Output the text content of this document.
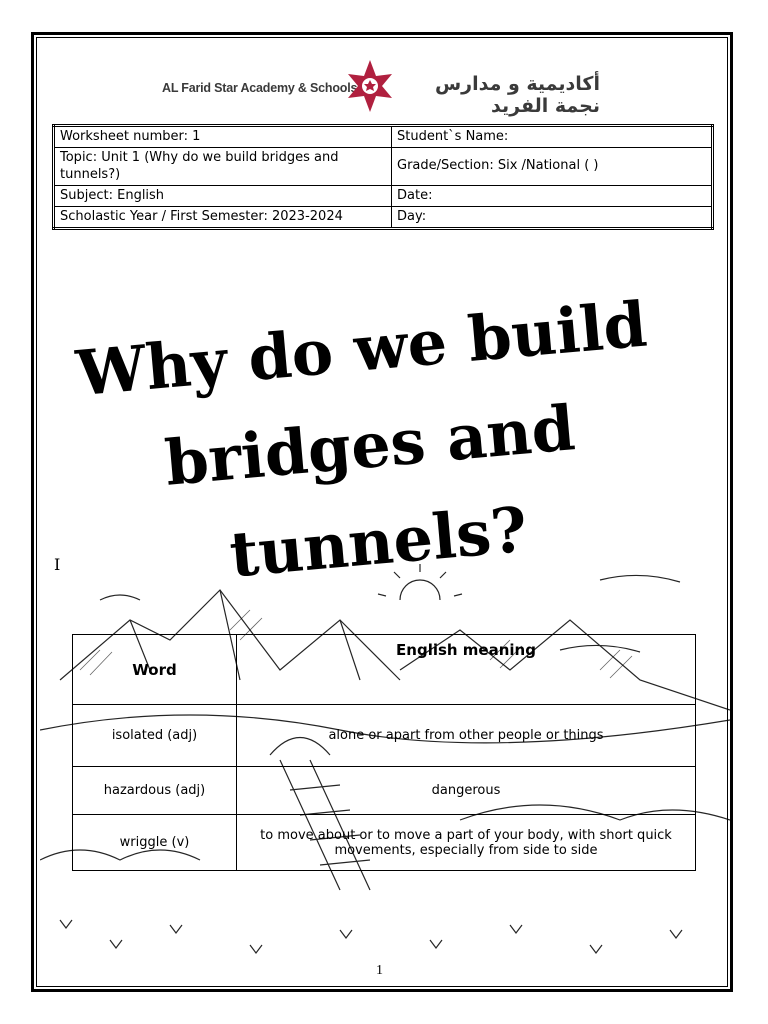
AL Farid Star Academy & Schools	أكاديمية و مدارس نجمة الفريد
Worksheet number: 1	Student`s Name:
Topic: Unit 1 (Why do we build bridges and tunnels?)	Grade/Section: Six /National ( )
Subject: English	Date:
Scholastic Year / First Semester: 2023-2024	Day:
Why do we build
bridges and
tunnels?
I
Word	English meaning
isolated (adj)	alone or apart from other people or things
hazardous (adj)	dangerous
wriggle (v)	to move about or to move a part of your body, with short quick movements, especially from side to side
1
